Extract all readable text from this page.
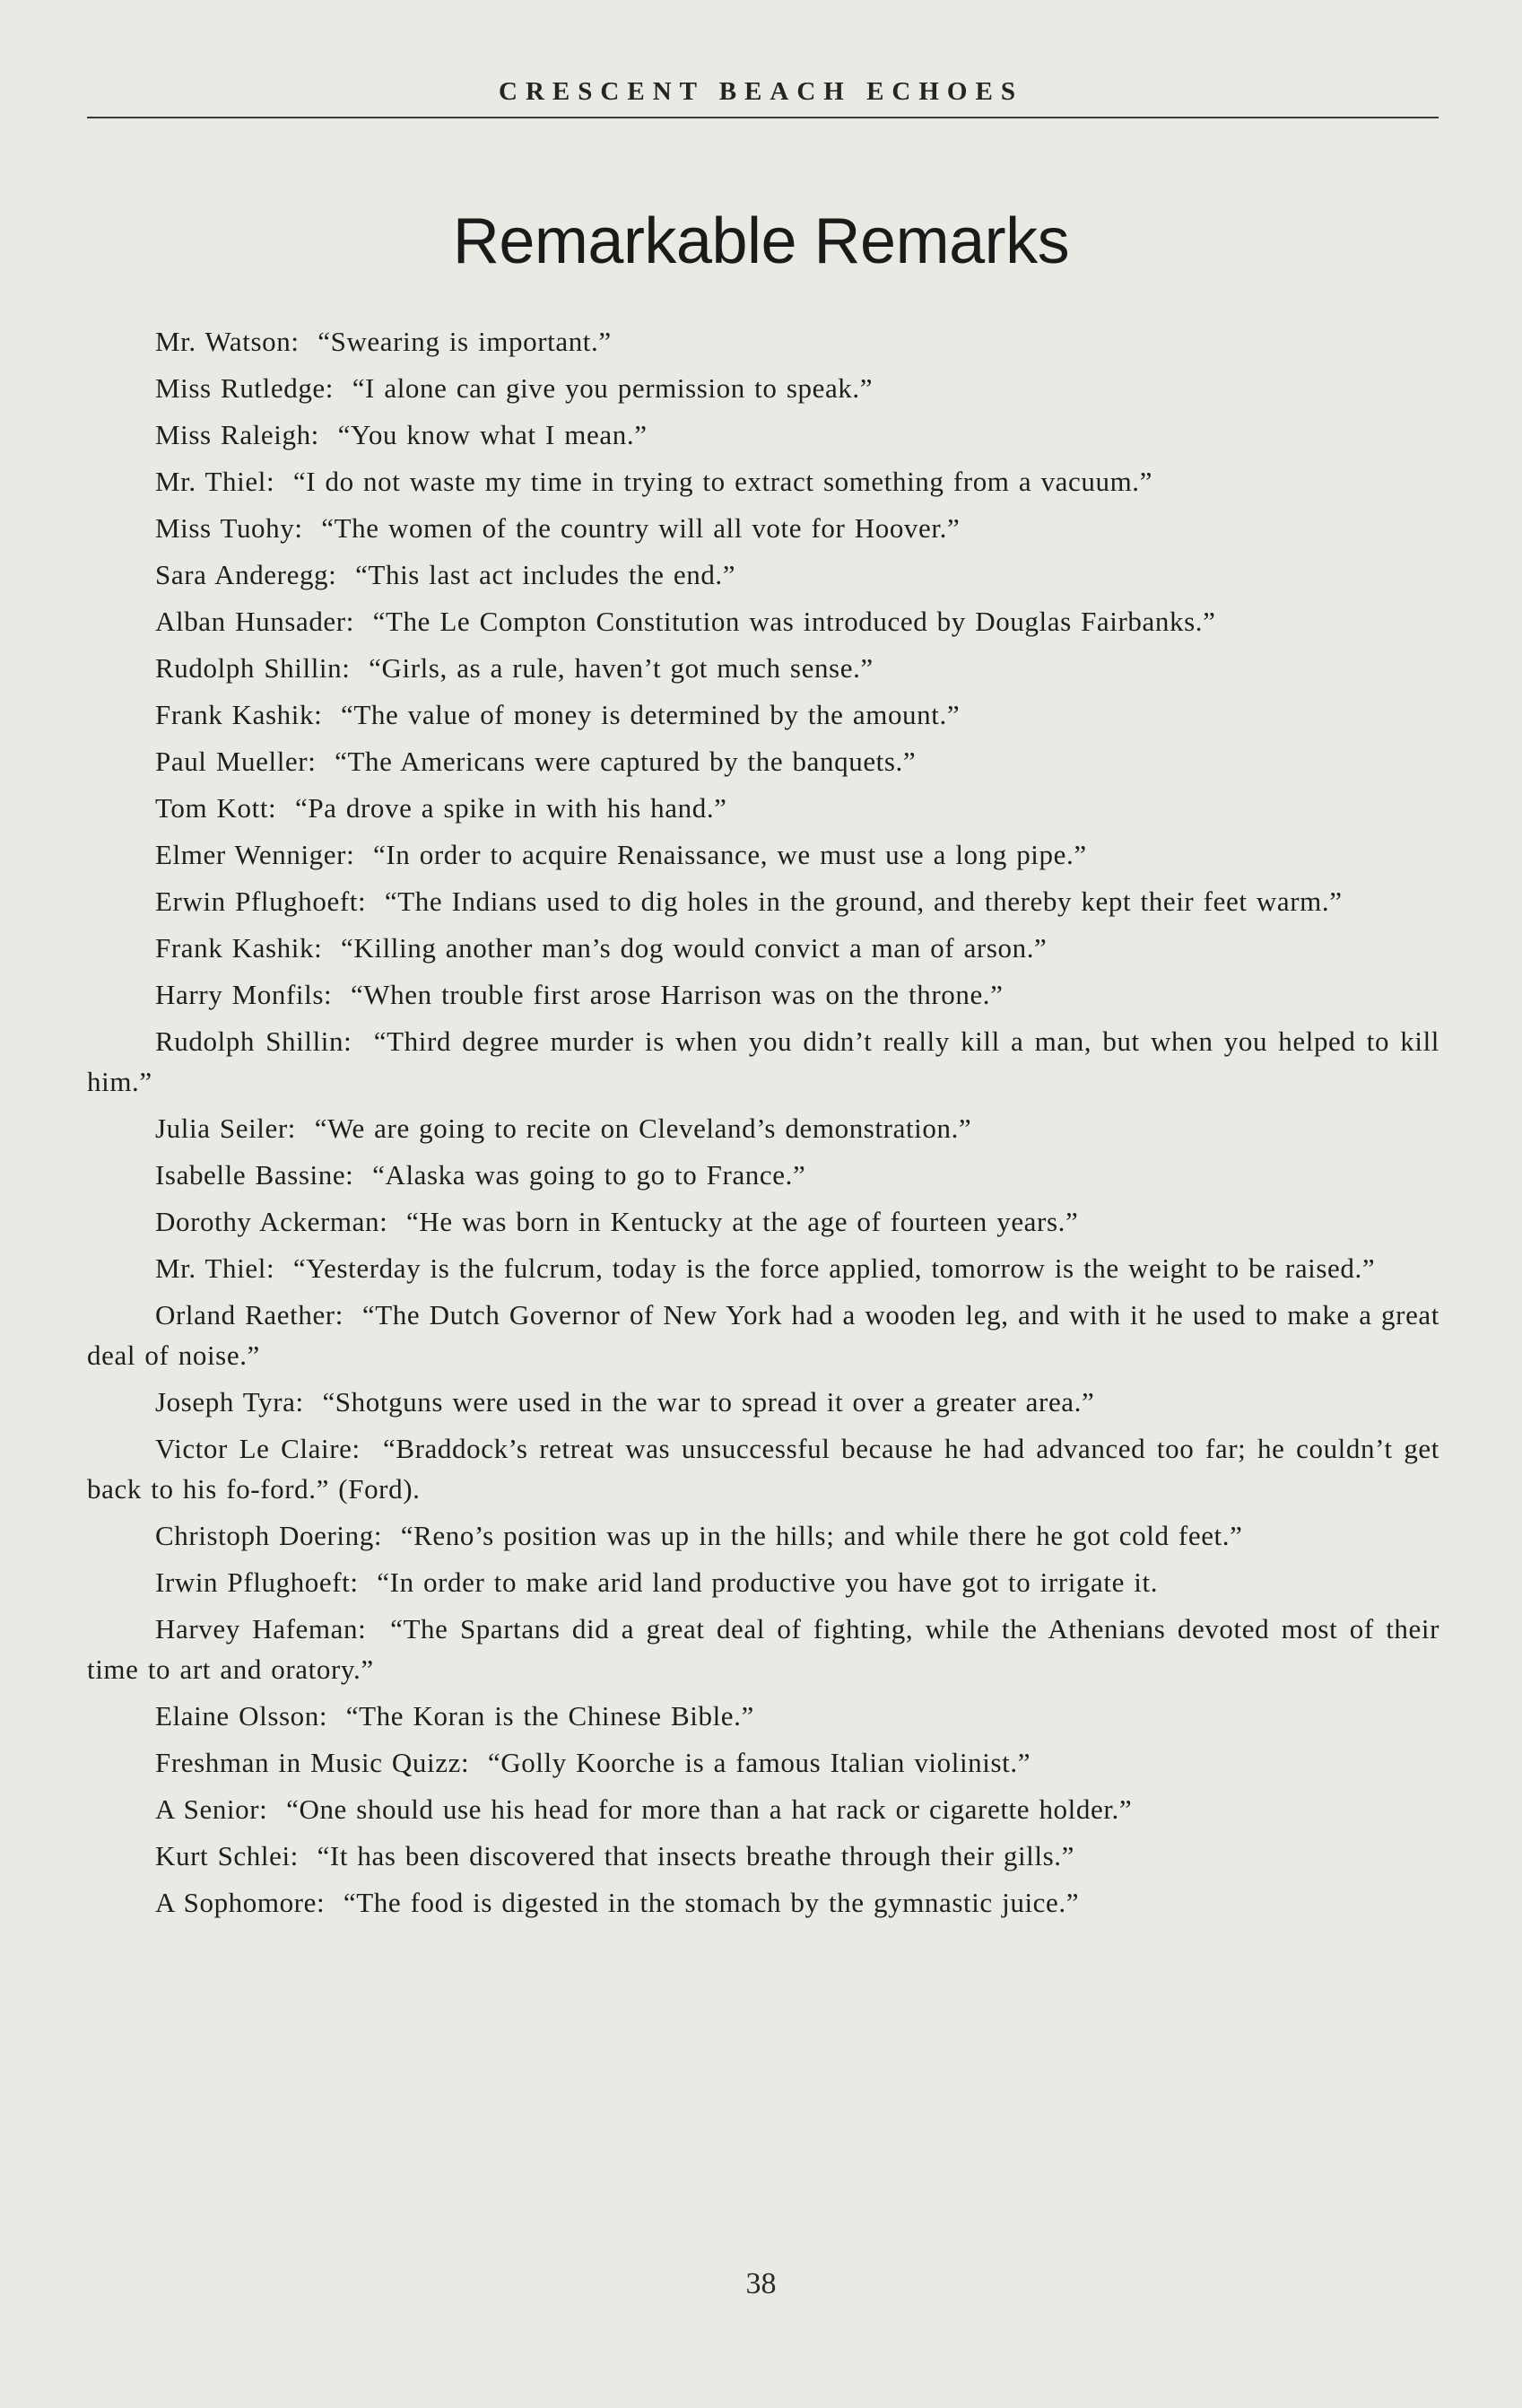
CRESCENT BEACH ECHOES
Remarkable Remarks
Mr. Watson: “Swearing is important.”
Miss Rutledge: “I alone can give you permission to speak.”
Miss Raleigh: “You know what I mean.”
Mr. Thiel: “I do not waste my time in trying to extract something from a vacuum.”
Miss Tuohy: “The women of the country will all vote for Hoover.”
Sara Anderegg: “This last act includes the end.”
Alban Hunsader: “The Le Compton Constitution was introduced by Douglas Fairbanks.”
Rudolph Shillin: “Girls, as a rule, haven’t got much sense.”
Frank Kashik: “The value of money is determined by the amount.”
Paul Mueller: “The Americans were captured by the banquets.”
Tom Kott: “Pa drove a spike in with his hand.”
Elmer Wenniger: “In order to acquire Renaissance, we must use a long pipe.”
Erwin Pflughoeft: “The Indians used to dig holes in the ground, and thereby kept their feet warm.”
Frank Kashik: “Killing another man’s dog would convict a man of arson.”
Harry Monfils: “When trouble first arose Harrison was on the throne.”
Rudolph Shillin: “Third degree murder is when you didn’t really kill a man, but when you helped to kill him.”
Julia Seiler: “We are going to recite on Cleveland’s demonstration.”
Isabelle Bassine: “Alaska was going to go to France.”
Dorothy Ackerman: “He was born in Kentucky at the age of fourteen years.”
Mr. Thiel: “Yesterday is the fulcrum, today is the force applied, tomorrow is the weight to be raised.”
Orland Raether: “The Dutch Governor of New York had a wooden leg, and with it he used to make a great deal of noise.”
Joseph Tyra: “Shotguns were used in the war to spread it over a greater area.”
Victor Le Claire: “Braddock’s retreat was unsuccessful because he had advanced too far; he couldn’t get back to his fo-ford.” (Ford).
Christoph Doering: “Reno’s position was up in the hills; and while there he got cold feet.”
Irwin Pflughoeft: “In order to make arid land productive you have got to irrigate it.
Harvey Hafeman: “The Spartans did a great deal of fighting, while the Athenians devoted most of their time to art and oratory.”
Elaine Olsson: “The Koran is the Chinese Bible.”
Freshman in Music Quizz: “Golly Koorche is a famous Italian violinist.”
A Senior: “One should use his head for more than a hat rack or cigarette holder.”
Kurt Schlei: “It has been discovered that insects breathe through their gills.”
A Sophomore: “The food is digested in the stomach by the gymnastic juice.”
38
